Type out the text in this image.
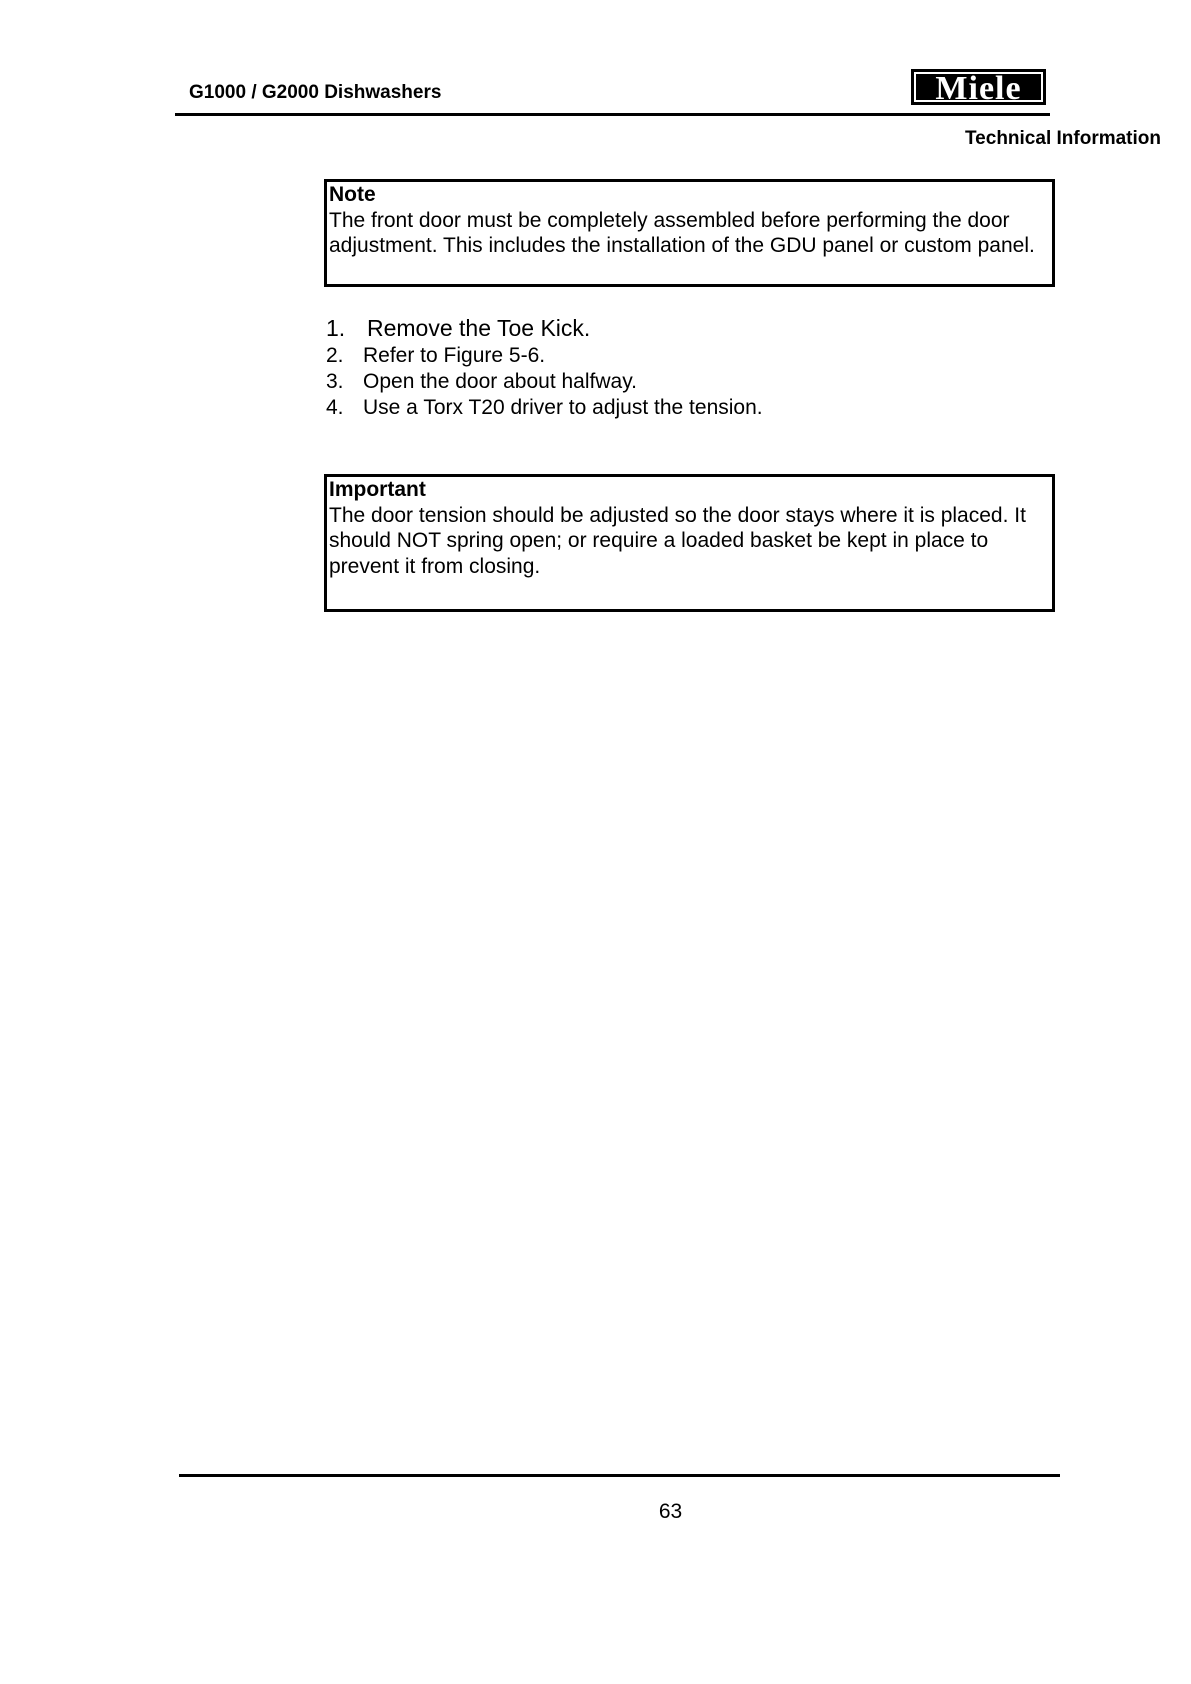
G1000 / G2000 Dishwashers	Miele
Technical Information
Note
The front door must be completely assembled before performing the door adjustment. This includes the installation of the GDU panel or custom panel.
1. Remove the Toe Kick.
2. Refer to Figure 5-6.
3. Open the door about halfway.
4. Use a Torx T20 driver to adjust the tension.
Important
The door tension should be adjusted so the door stays where it is placed. It should NOT spring open; or require a loaded basket be kept in place to prevent it from closing.
63
